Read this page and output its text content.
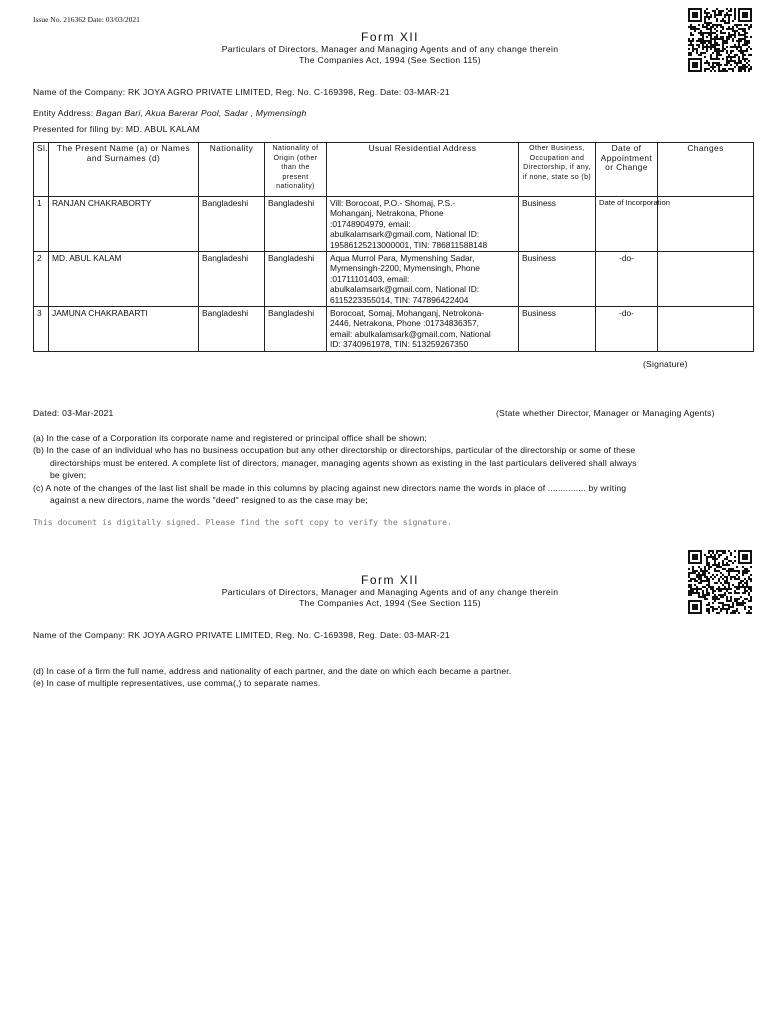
Issue No. 216362 Date: 03/03/2021
Form XII
Particulars of Directors, Manager and Managing Agents and of any change therein
The Companies Act, 1994 (See Section 115)
Name of the Company: RK JOYA AGRO PRIVATE LIMITED, Reg. No. C-169398, Reg. Date: 03-MAR-21
Entity Address: Bagan Bari, Akua Barerar Pool, Sadar , Mymensingh
Presented for filing by: MD. ABUL KALAM
Sl.	The Present Name (a) or Names and Surnames (d)	Nationality	Nationality of Origin (other than the present nationality)	Usual Residential Address	Other Business, Occupation and Directorship, if any, if none, state so (b)	Date of Appointment or Change	Changes
1	RANJAN CHAKRABORTY	Bangladeshi	Bangladeshi	Vill: Borocoat, P.O.- Shomaj, P.S.-
Mohanganj, Netrakona, Phone
:01748904979, email:
abulkalamsark@gmail.com, National ID:
19586125213000001, TIN: 786811588148	Business	Date of Incorporation	
2	MD. ABUL KALAM	Bangladeshi	Bangladeshi	Aqua Murrol Para, Mymenshing Sadar,
Mymensingh-2200, Mymensingh, Phone
:01711101403, email:
abulkalamsark@gmail.com, National ID:
6115223355014, TIN: 747896422404	Business	-do-	
3	JAMUNA CHAKRABARTI	Bangladeshi	Bangladeshi	Borocoat, Somaj, Mohanganj, Netrokona-
2446, Netrakona, Phone :01734836357,
email: abulkalamsark@gmail.com, National
ID: 3740961978, TIN: 513259267350	Business	-do-	
(Signature)
Dated: 03-Mar-2021	(State whether Director, Manager or Managing Agents)
(a) In the case of a Corporation its corporate name and registered or principal office shall be shown;
(b) In the case of an individual who has no business occupation but any other directorship or directorships, particular of the directorship or some of these
directorships must be entered. A complete list of directors, manager, managing agents shown as existing in the last particulars delivered shall always
be given;
(c) A note of the changes of the last list shall be made in this columns by placing against new directors name the words in place of ............... by writing
against a new directors, name the words "deed" resigned to as the case may be;
This document is digitally signed. Please find the soft copy to verify the signature.
Form XII
Particulars of Directors, Manager and Managing Agents and of any change therein
The Companies Act, 1994 (See Section 115)
Name of the Company: RK JOYA AGRO PRIVATE LIMITED, Reg. No. C-169398, Reg. Date: 03-MAR-21
(d) In case of a firm the full name, address and nationality of each partner, and the date on which each became a partner.
(e) In case of multiple representatives, use comma(,) to separate names.
